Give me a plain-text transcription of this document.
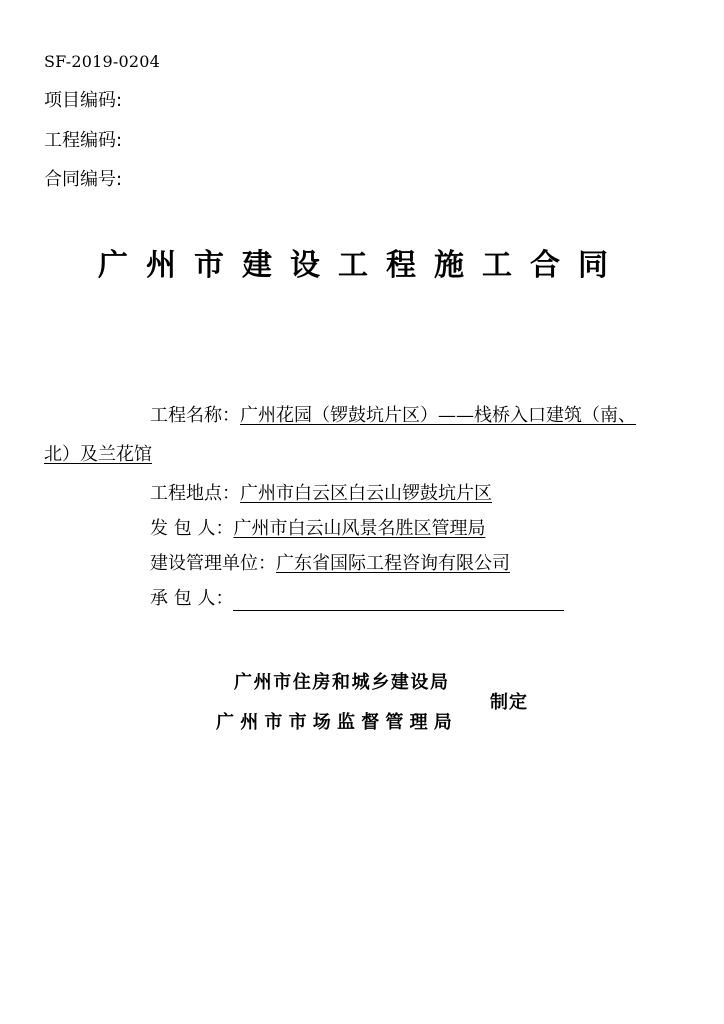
SF-2019-0204
项目编码:
工程编码:
合同编号:
广州市建设工程施工合同
工程名称：广州花园（锣鼓坑片区）——栈桥入口建筑（南、
北）及兰花馆
工程地点：广州市白云区白云山锣鼓坑片区
发 包 人：广州市白云山风景名胜区管理局
建设管理单位：广东省国际工程咨询有限公司
承 包 人：
广州市住房和城乡建设局
广州市市场监督管理局
制定
